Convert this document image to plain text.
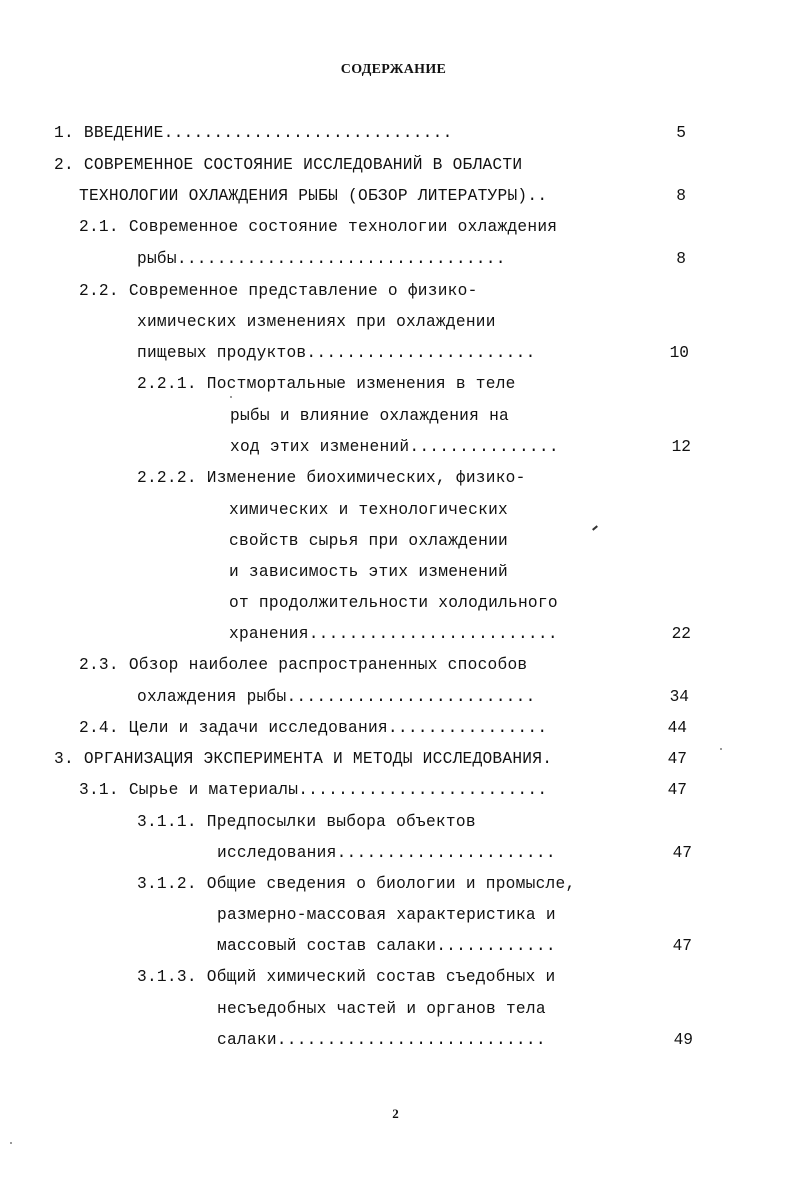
СОДЕРЖАНИЕ
1. ВВЕДЕНИЕ.............................	5
2. СОВРЕМЕННОЕ СОСТОЯНИЕ ИССЛЕДОВАНИЙ В ОБЛАСТИ
ТЕХНОЛОГИИ ОХЛАЖДЕНИЯ РЫБЫ (ОБЗОР ЛИТЕРАТУРЫ)..	8
2.1. Современное состояние технологии охлаждения
рыбы.................................	8
2.2. Современное представление о физико-
химических изменениях при охлаждении
пищевых продуктов.......................	10
2.2.1. Постмортальные изменения в теле
рыбы и влияние охлаждения на
ход этих изменений...............	12
2.2.2. Изменение биохимических, физико-
химических и технологических
свойств сырья при охлаждении
и зависимость этих изменений
от продолжительности холодильного
хранения.........................	22
2.3. Обзор наиболее распространенных способов
охлаждения рыбы.........................	34
2.4. Цели и задачи исследования................	44
3. ОРГАНИЗАЦИЯ ЭКСПЕРИМЕНТА И МЕТОДЫ ИССЛЕДОВАНИЯ.	47
3.1. Сырье и материалы.........................	47
3.1.1. Предпосылки выбора объектов
исследования......................	47
3.1.2. Общие сведения о биологии и промысле,
размерно-массовая характеристика и
массовый состав салаки............	47
3.1.3. Общий химический состав съедобных и
несъедобных частей и органов тела
салаки...........................	49
2
